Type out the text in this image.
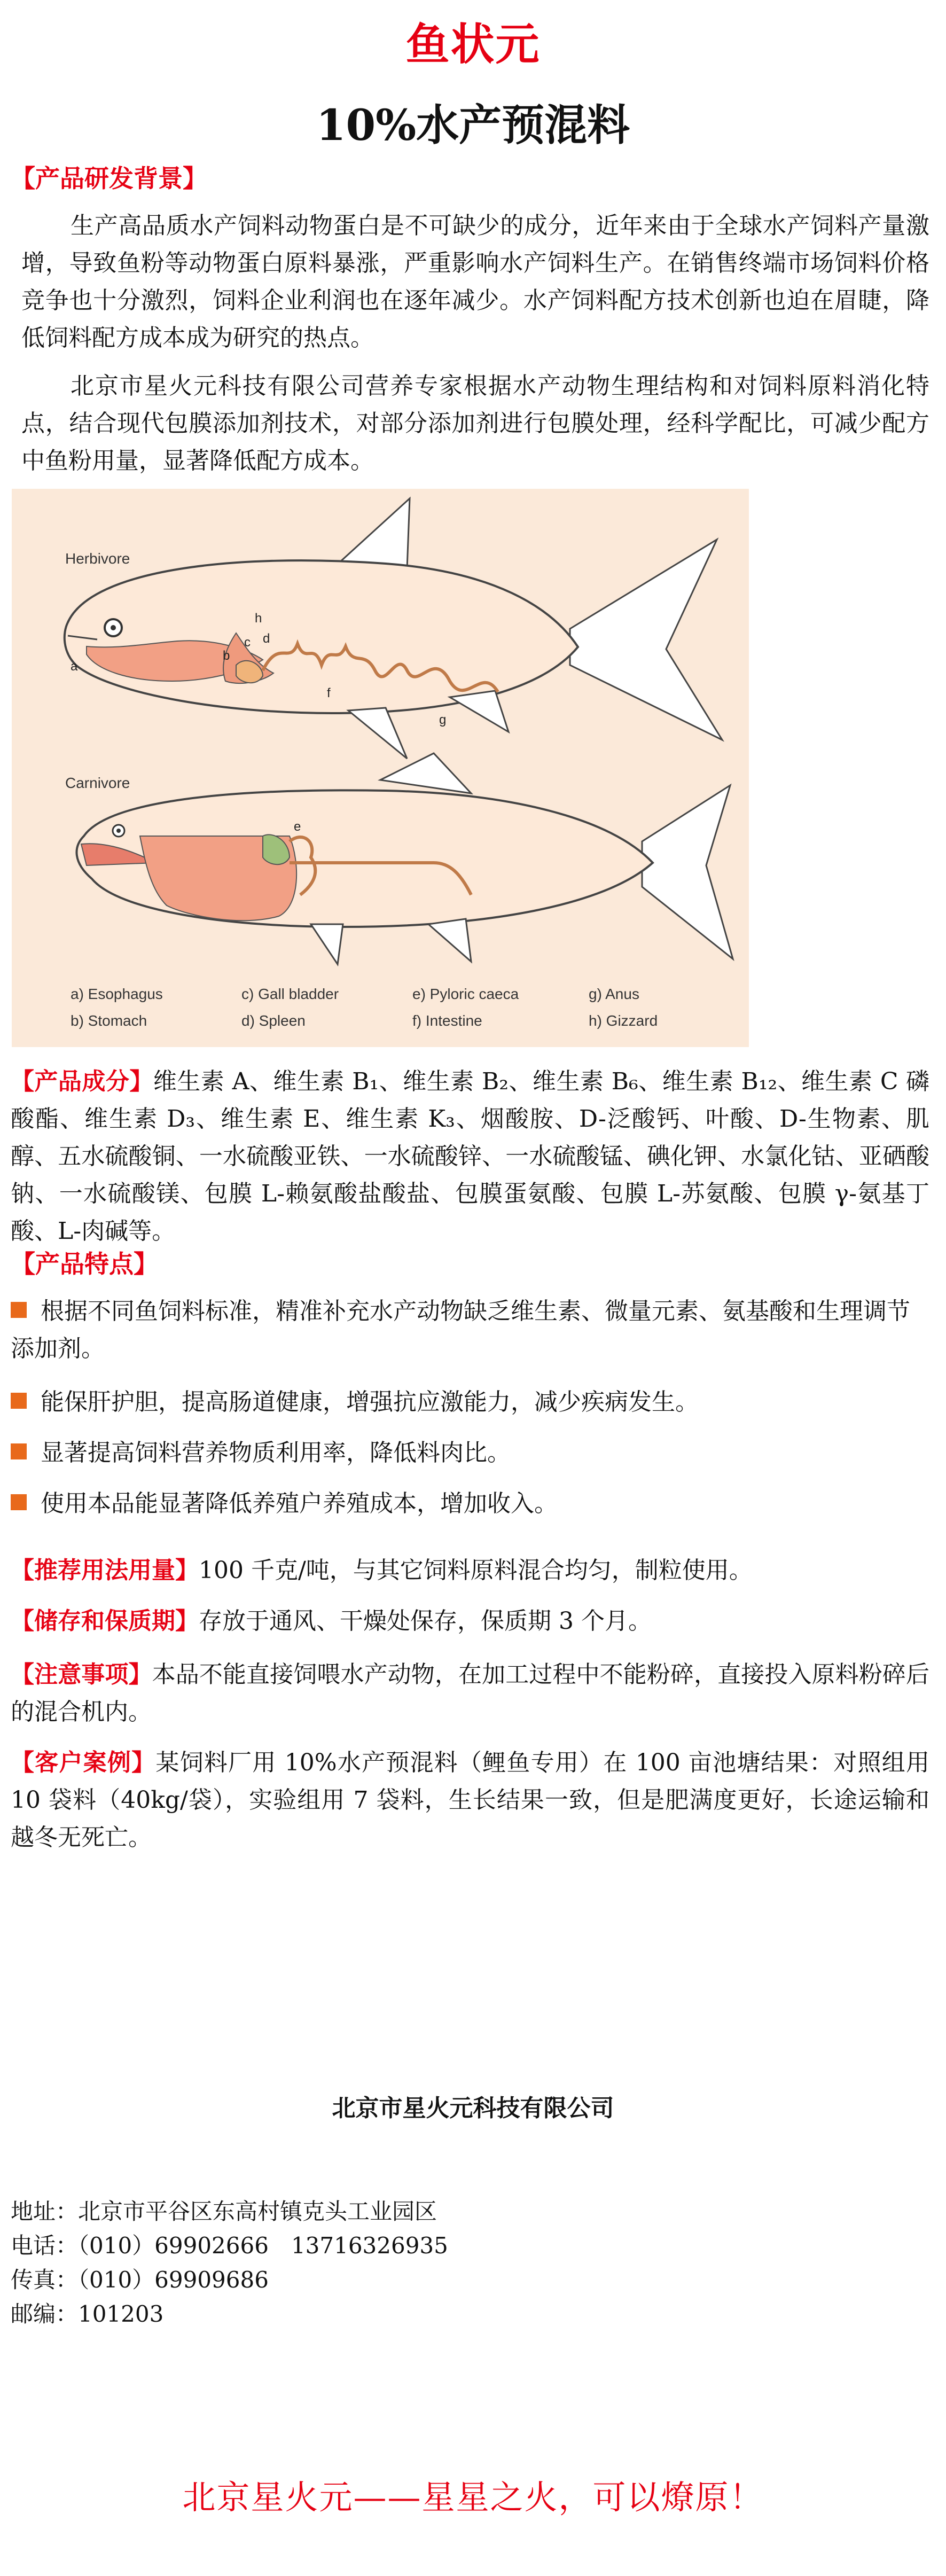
鱼状元
10%水产预混料
【产品研发背景】
生产高品质水产饲料动物蛋白是不可缺少的成分，近年来由于全球水产饲料产量激增，导致鱼粉等动物蛋白原料暴涨，严重影响水产饲料生产。在销售终端市场饲料价格竞争也十分激烈，饲料企业利润也在逐年减少。水产饲料配方技术创新也迫在眉睫，降低饲料配方成本成为研究的热点。
北京市星火元科技有限公司营养专家根据水产动物生理结构和对饲料原料消化特点，结合现代包膜添加剂技术，对部分添加剂进行包膜处理，经科学配比，可减少配方中鱼粉用量，显著降低配方成本。
a
b
c d
h
f
g
e
Herbivore
Carnivore
a) Esophagus	c) Gall bladder	e) Pyloric caeca	g) Anus
b) Stomach	d) Spleen	f) Intestine	h) Gizzard
【产品成分】维生素 A、维生素 B₁、维生素 B₂、维生素 B₆、维生素 B₁₂、维生素 C 磷酸酯、维生素 D₃、维生素 E、维生素 K₃、烟酸胺、D-泛酸钙、叶酸、D-生物素、肌醇、五水硫酸铜、一水硫酸亚铁、一水硫酸锌、一水硫酸锰、碘化钾、水氯化钴、亚硒酸钠、一水硫酸镁、包膜 L-赖氨酸盐酸盐、包膜蛋氨酸、包膜 L-苏氨酸、包膜 γ-氨基丁酸、L-肉碱等。
【产品特点】
根据不同鱼饲料标准，精准补充水产动物缺乏维生素、微量元素、氨基酸和生理调节添加剂。
能保肝护胆，提高肠道健康，增强抗应激能力，减少疾病发生。
显著提高饲料营养物质利用率，降低料肉比。
使用本品能显著降低养殖户养殖成本，增加收入。
【推荐用法用量】100 千克/吨，与其它饲料原料混合均匀，制粒使用。
【储存和保质期】存放于通风、干燥处保存，保质期 3 个月。
【注意事项】本品不能直接饲喂水产动物，在加工过程中不能粉碎，直接投入原料粉碎后的混合机内。
【客户案例】某饲料厂用 10%水产预混料（鲤鱼专用）在 100 亩池塘结果：对照组用 10 袋料（40kg/袋），实验组用 7 袋料，生长结果一致，但是肥满度更好，长途运输和越冬无死亡。
北京市星火元科技有限公司
地址：北京市平谷区东高村镇克头工业园区
电话：（010）69902666　13716326935
传真：（010）69909686
邮编：101203
北京星火元——星星之火，可以燎原！
